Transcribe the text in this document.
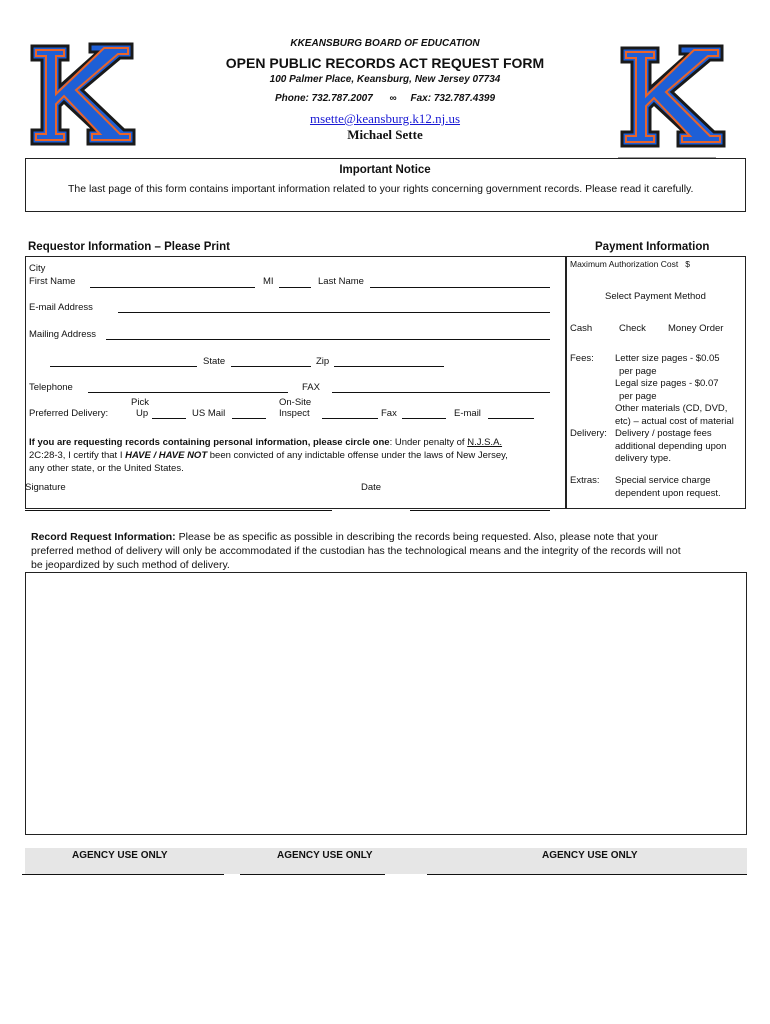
KKEANSBURG BOARD OF EDUCATION
OPEN PUBLIC RECORDS ACT REQUEST FORM
100 Palmer Place, Keansburg, New Jersey 07734
Phone: 732.787.2007 ∞ Fax: 732.787.4399
msette@keansburg.k12.nj.us
Michael Sette
Important Notice
The last page of this form contains important information related to your rights concerning government records. Please read it carefully.
Requestor Information – Please Print	Payment Information
City
First Name	MI	Last Name
E-mail Address
Mailing Address
State	Zip
Telephone	FAX
Preferred Delivery:
Pick
Up	US Mail
On-Site
Inspect	Fax	E-mail
If you are requesting records containing personal information, please circle one: Under penalty of N.J.S.A.
2C:28-3, I certify that I HAVE / HAVE NOT been convicted of any indictable offense under the laws of New Jersey,
any other state, or the United States.
Signature	Date
Maximum Authorization Cost $
Select Payment Method
Cash	Check Money Order
Fees: Letter size pages - $0.05
per page
Legal size pages - $0.07
per page
Other materials (CD, DVD,
etc) – actual cost of material
Delivery: Delivery / postage fees
additional depending upon
delivery type.
Extras: Special service charge
dependent upon request.
Record Request Information: Please be as specific as possible in describing the records being requested. Also, please note that your
preferred method of delivery will only be accommodated if the custodian has the technological means and the integrity of the records will not
be jeopardized by such method of delivery.
AGENCY USE ONLY	AGENCY USE ONLY	AGENCY USE ONLY
